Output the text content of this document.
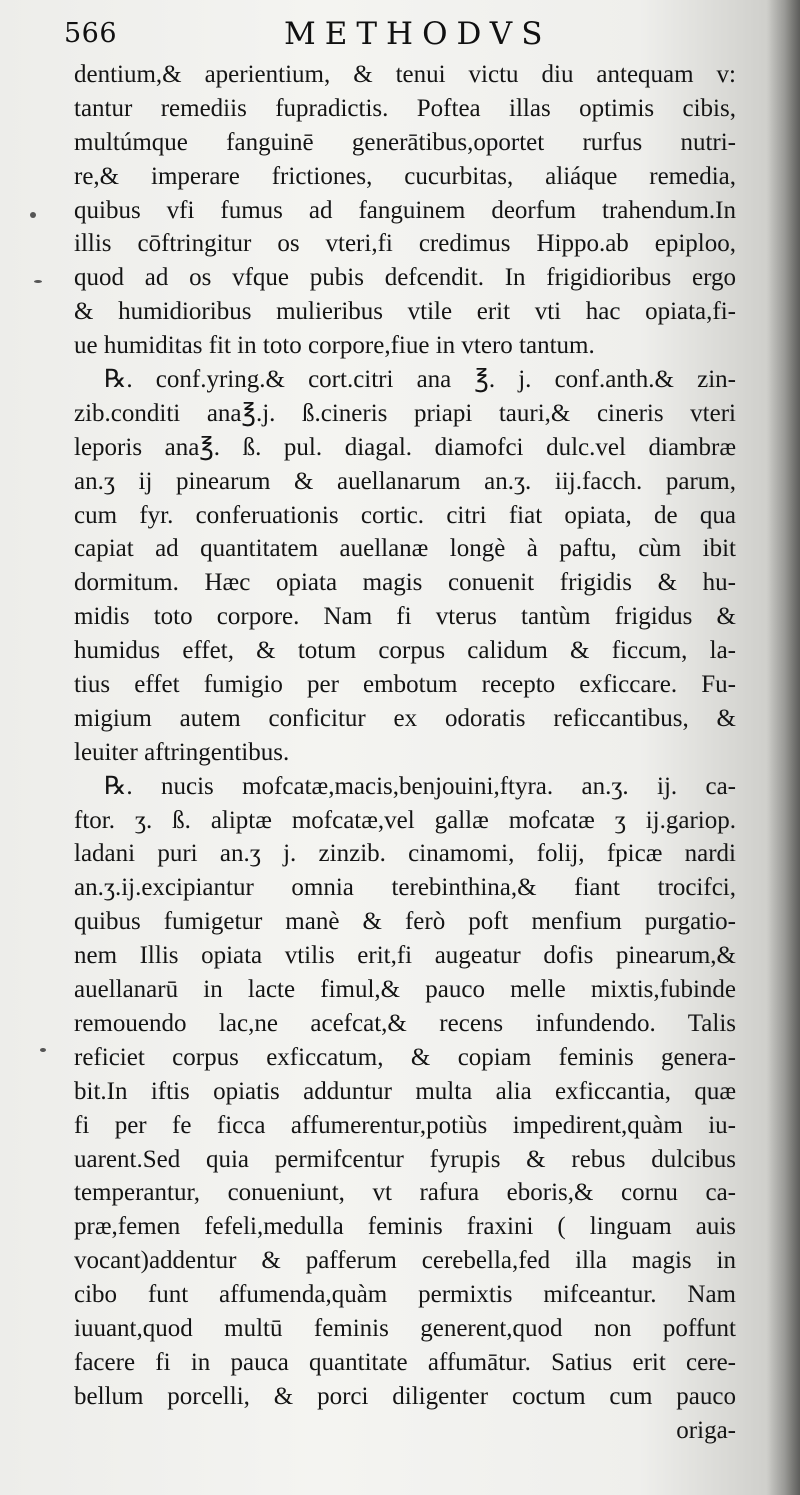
566	METHODVS
dentium,& aperientium, & tenui victu diu antequam v:
tantur remediis fupradictis. Poftea illas optimis cibis,
multúmque fanguinē generātibus,oportet rurfus nutri-
re,& imperare frictiones, cucurbitas, aliáque remedia,
quibus vfi fumus ad fanguinem deorfum trahendum.In
illis cōftringitur os vteri,fi credimus Hippo.ab epiploo,
quod ad os vfque pubis defcendit. In frigidioribus ergo
& humidioribus mulieribus vtile erit vti hac opiata,fi-
ue humiditas fit in toto corpore,fiue in vtero tantum.
℞. conf.yring.& cort.citri ana ℥. j. conf.anth.& zin-
zib.conditi ana℥.j. ß.cineris priapi tauri,& cineris vteri
leporis ana℥. ß. pul. diagal. diamofci dulc.vel diambræ
an.ʒ ij pinearum & auellanarum an.ʒ. iij.facch. parum,
cum fyr. conferuationis cortic. citri fiat opiata, de qua
capiat ad quantitatem auellanæ longè à paftu, cùm ibit
dormitum. Hæc opiata magis conuenit frigidis & hu-
midis toto corpore. Nam fi vterus tantùm frigidus &
humidus effet, & totum corpus calidum & ficcum, la-
tius effet fumigio per embotum recepto exficcare. Fu-
migium autem conficitur ex odoratis reficcantibus, &
leuiter aftringentibus.
℞. nucis mofcatæ,macis,benjouini,ftyra. an.ʒ. ij. ca-
ftor. ʒ. ß. aliptæ mofcatæ,vel gallæ mofcatæ ʒ ij.gariop.
ladani puri an.ʒ j. zinzib. cinamomi, folij, fpicæ nardi
an.ʒ.ij.excipiantur omnia terebinthina,& fiant trocifci,
quibus fumigetur manè & ferò poft menfium purgatio-
nem Illis opiata vtilis erit,fi augeatur dofis pinearum,&
auellanarū in lacte fimul,& pauco melle mixtis,fubinde
remouendo lac,ne acefcat,& recens infundendo. Talis
reficiet corpus exficcatum, & copiam feminis genera-
bit.In iftis opiatis adduntur multa alia exficcantia, quæ
fi per fe ficca affumerentur,potiùs impedirent,quàm iu-
uarent.Sed quia permifcentur fyrupis & rebus dulcibus
temperantur, conueniunt, vt rafura eboris,& cornu ca-
præ,femen fefeli,medulla feminis fraxini ( linguam auis
vocant)addentur & pafferum cerebella,fed illa magis in
cibo funt affumenda,quàm permixtis mifceantur. Nam
iuuant,quod multū feminis generent,quod non poffunt
facere fi in pauca quantitate affumātur. Satius erit cere-
bellum porcelli, & porci diligenter coctum cum pauco
origa-
